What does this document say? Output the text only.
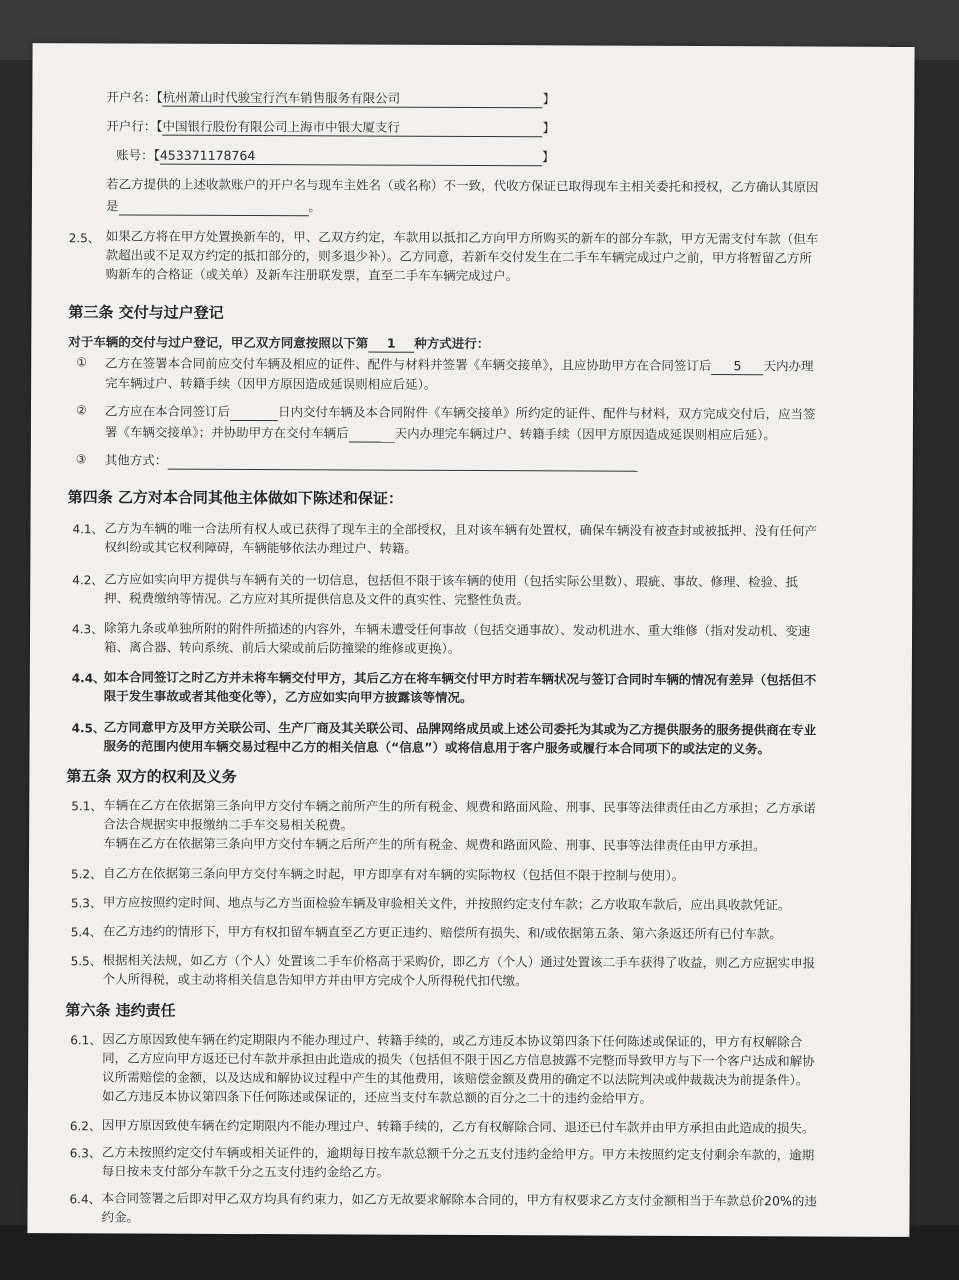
开户名：【杭州萧山时代骏宝行汽车销售服务有限公司	】
开户行：【中国银行股份有限公司上海市中银大厦支行	】
账号：【453371178764	】
若乙方提供的上述收款账户的开户名与现车主姓名（或名称）不一致，代收方保证已取得现车主相关委托和授权，乙方确认其原因
是	。
2.5、 如果乙方将在甲方处置换新车的，甲、乙双方约定，车款用以抵扣乙方向甲方所购买的新车的部分车款，甲方无需支付车款（但车
款超出或不足双方约定的抵扣部分的，则多退少补）。乙方同意，若新车交付发生在二手车车辆完成过户之前，甲方将暂留乙方所
购新车的合格证（或关单）及新车注册联发票，直至二手车车辆完成过户。
第三条 交付与过户登记
对于车辆的交付与过户登记，甲乙双方同意按照以下第 1 种方式进行：
① 乙方在签署本合同前应交付车辆及相应的证件、配件与材料并签署《车辆交接单》，且应协助甲方在合同签订后 5 天内办理
完车辆过户、转籍手续（因甲方原因造成延误则相应后延）。
② 乙方应在本合同签订后	日内交付车辆及本合同附件《车辆交接单》所约定的证件、配件与材料，双方完成交付后，应当签
署《车辆交接单》；并协助甲方在交付车辆后	天内办理完车辆过户、转籍手续（因甲方原因造成延误则相应后延）。
③ 其他方式：
第四条 乙方对本合同其他主体做如下陈述和保证：
4.1、 乙方为车辆的唯一合法所有权人或已获得了现车主的全部授权，且对该车辆有处置权，确保车辆没有被查封或被抵押、没有任何产
权纠纷或其它权利障碍，车辆能够依法办理过户、转籍。
4.2、 乙方应如实向甲方提供与车辆有关的一切信息，包括但不限于该车辆的使用（包括实际公里数）、瑕疵、事故、修理、检验、抵
押、税费缴纳等情况。乙方应对其所提供信息及文件的真实性、完整性负责。
4.3、 除第九条或单独所附的附件所描述的内容外，车辆未遭受任何事故（包括交通事故）、发动机进水、重大维修（指对发动机、变速
箱、离合器、转向系统、前后大梁或前后防撞梁的维修或更换）。
4.4、
如本合同签订之时乙方并未将车辆交付甲方，其后乙方在将车辆交付甲方时若车辆状况与签订合同时车辆的情况有差异（包括但不
限于发生事故或者其他变化等），乙方应如实向甲方披露该等情况。
4.5、
乙方同意甲方及甲方关联公司、生产厂商及其关联公司、品牌网络成员或上述公司委托为其或为乙方提供服务的服务提供商在专业
服务的范围内使用车辆交易过程中乙方的相关信息（“信息”）或将信息用于客户服务或履行本合同项下的或法定的义务。
第五条 双方的权利及义务
5.1、 车辆在乙方在依据第三条向甲方交付车辆之前所产生的所有税金、规费和路面风险、刑事、民事等法律责任由乙方承担；乙方承诺
合法合规据实申报缴纳二手车交易相关税费。
车辆在乙方在依据第三条向甲方交付车辆之后所产生的所有税金、规费和路面风险、刑事、民事等法律责任由甲方承担。
5.2、 自乙方在依据第三条向甲方交付车辆之时起，甲方即享有对车辆的实际物权（包括但不限于控制与使用）。
5.3、 甲方应按照约定时间、地点与乙方当面检验车辆及审验相关文件，并按照约定支付车款；乙方收取车款后，应出具收款凭证。
5.4、 在乙方违约的情形下，甲方有权扣留车辆直至乙方更正违约、赔偿所有损失、和/或依据第五条、第六条返还所有已付车款。
5.5、 根据相关法规，如乙方（个人）处置该二手车价格高于采购价，即乙方（个人）通过处置该二手车获得了收益，则乙方应据实申报
个人所得税，或主动将相关信息告知甲方并由甲方完成个人所得税代扣代缴。
第六条 违约责任
6.1、 因乙方原因致使车辆在约定期限内不能办理过户、转籍手续的，或乙方违反本协议第四条下任何陈述或保证的，甲方有权解除合
同，乙方应向甲方返还已付车款并承担由此造成的损失（包括但不限于因乙方信息披露不完整而导致甲方与下一个客户达成和解协
议所需赔偿的金额，以及达成和解协议过程中产生的其他费用，该赔偿金额及费用的确定不以法院判决或仲裁裁决为前提条件）。
如乙方违反本协议第四条下任何陈述或保证的，还应当支付车款总额的百分之二十的违约金给甲方。
6.2、 因甲方原因致使车辆在约定期限内不能办理过户、转籍手续的，乙方有权解除合同、退还已付车款并由甲方承担由此造成的损失。
6.3、 乙方未按照约定交付车辆或相关证件的，逾期每日按车款总额千分之五支付违约金给甲方。甲方未按照约定支付剩余车款的，逾期
每日按未支付部分车款千分之五支付违约金给乙方。
6.4、 本合同签署之后即对甲乙双方均具有约束力，如乙方无故要求解除本合同的，甲方有权要求乙方支付金额相当于车款总价20%的违
约金。
